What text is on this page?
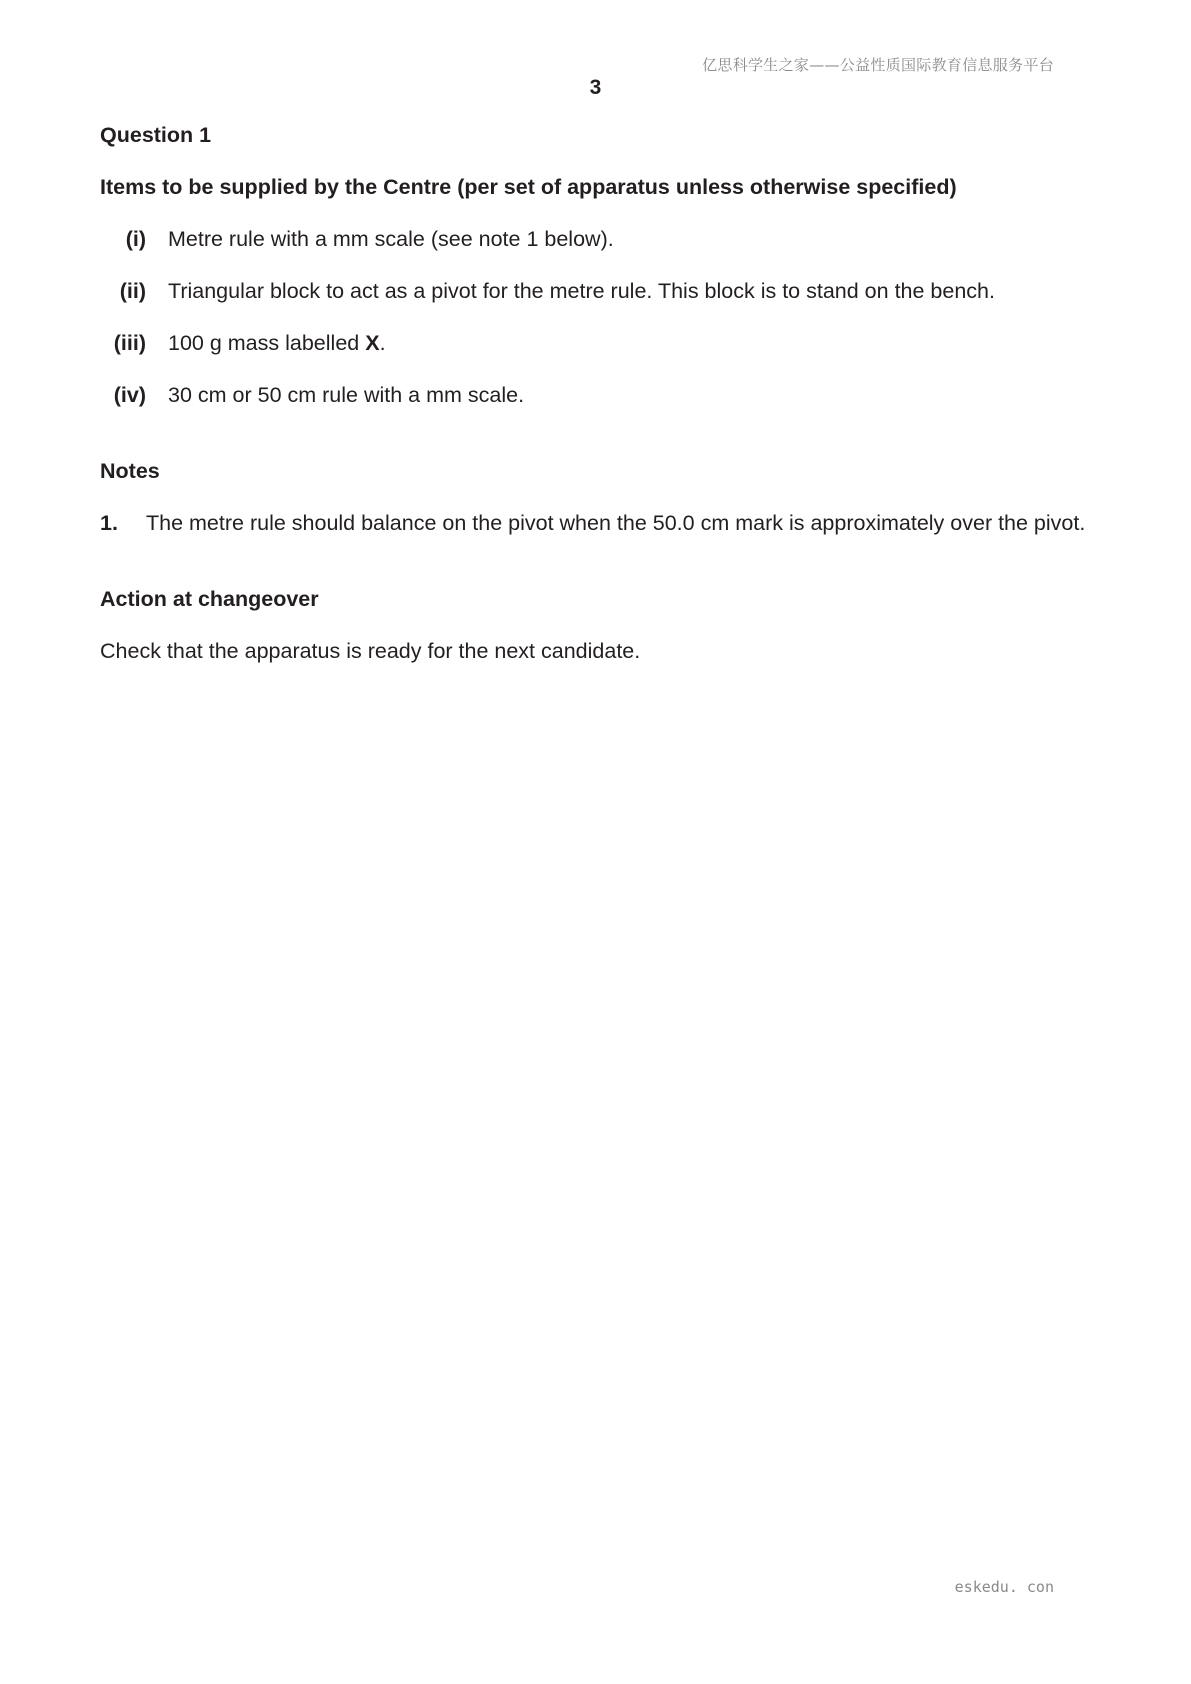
亿思科学生之家——公益性质国际教育信息服务平台
3

Question 1

Items to be supplied by the Centre (per set of apparatus unless otherwise specified)

(i) Metre rule with a mm scale (see note 1 below).
(ii) Triangular block to act as a pivot for the metre rule. This block is to stand on the bench.
(iii) 100 g mass labelled X.
(iv) 30 cm or 50 cm rule with a mm scale.

Notes

1.	The metre rule should balance on the pivot when the 50.0 cm mark is approximately over the pivot.

Action at changeover

Check that the apparatus is ready for the next candidate.

eskedu. con
